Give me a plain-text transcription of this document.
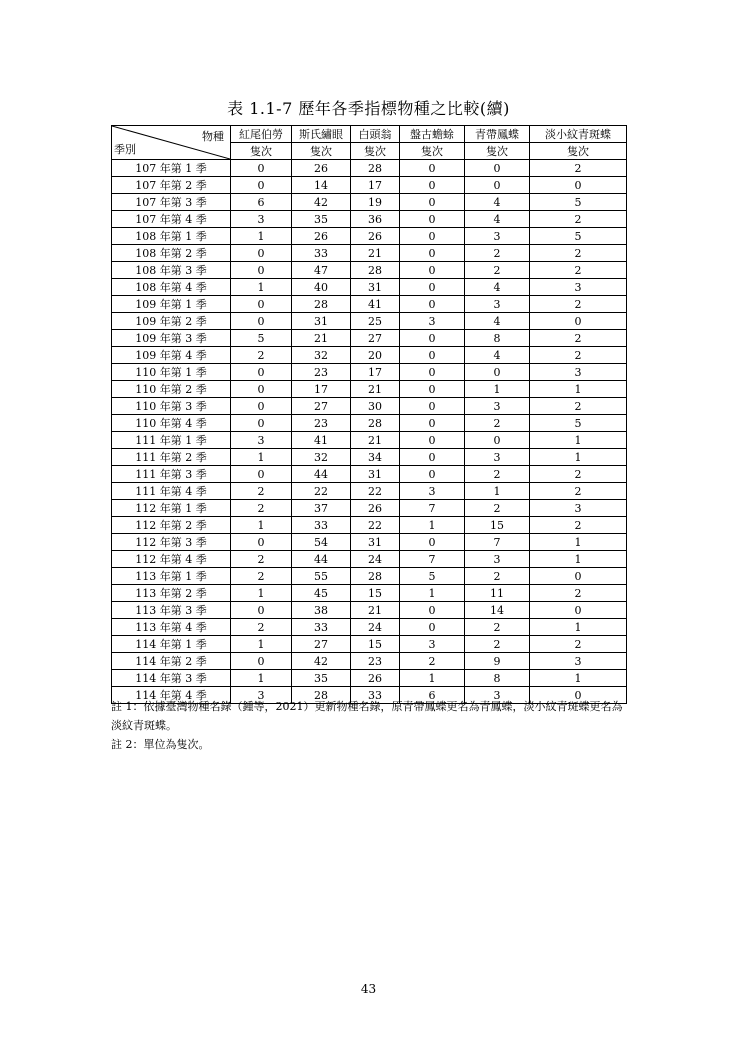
表 1.1-7 歷年各季指標物種之比較(續)
物種
季別	紅尾伯勞	斯氏繡眼	白頭翁	盤古蟾蜍	青帶鳳蝶	淡小紋青斑蝶
	隻次	隻次	隻次	隻次	隻次	隻次
107 年第 1 季	0	26	28	0	0	2
107 年第 2 季	0	14	17	0	0	0
107 年第 3 季	6	42	19	0	4	5
107 年第 4 季	3	35	36	0	4	2
108 年第 1 季	1	26	26	0	3	5
108 年第 2 季	0	33	21	0	2	2
108 年第 3 季	0	47	28	0	2	2
108 年第 4 季	1	40	31	0	4	3
109 年第 1 季	0	28	41	0	3	2
109 年第 2 季	0	31	25	3	4	0
109 年第 3 季	5	21	27	0	8	2
109 年第 4 季	2	32	20	0	4	2
110 年第 1 季	0	23	17	0	0	3
110 年第 2 季	0	17	21	0	1	1
110 年第 3 季	0	27	30	0	3	2
110 年第 4 季	0	23	28	0	2	5
111 年第 1 季	3	41	21	0	0	1
111 年第 2 季	1	32	34	0	3	1
111 年第 3 季	0	44	31	0	2	2
111 年第 4 季	2	22	22	3	1	2
112 年第 1 季	2	37	26	7	2	3
112 年第 2 季	1	33	22	1	15	2
112 年第 3 季	0	54	31	0	7	1
112 年第 4 季	2	44	24	7	3	1
113 年第 1 季	2	55	28	5	2	0
113 年第 2 季	1	45	15	1	11	2
113 年第 3 季	0	38	21	0	14	0
113 年第 4 季	2	33	24	0	2	1
114 年第 1 季	1	27	15	3	2	2
114 年第 2 季	0	42	23	2	9	3
114 年第 3 季	1	35	26	1	8	1
114 年第 4 季	3	28	33	6	3	0
註 1：依據臺灣物種名錄（鍾等，2021）更新物種名錄，原青帶鳳蝶更名為青鳳蝶，淡小紋青斑蝶更名為淡紋青斑蝶。
註 2：單位為隻次。
43
